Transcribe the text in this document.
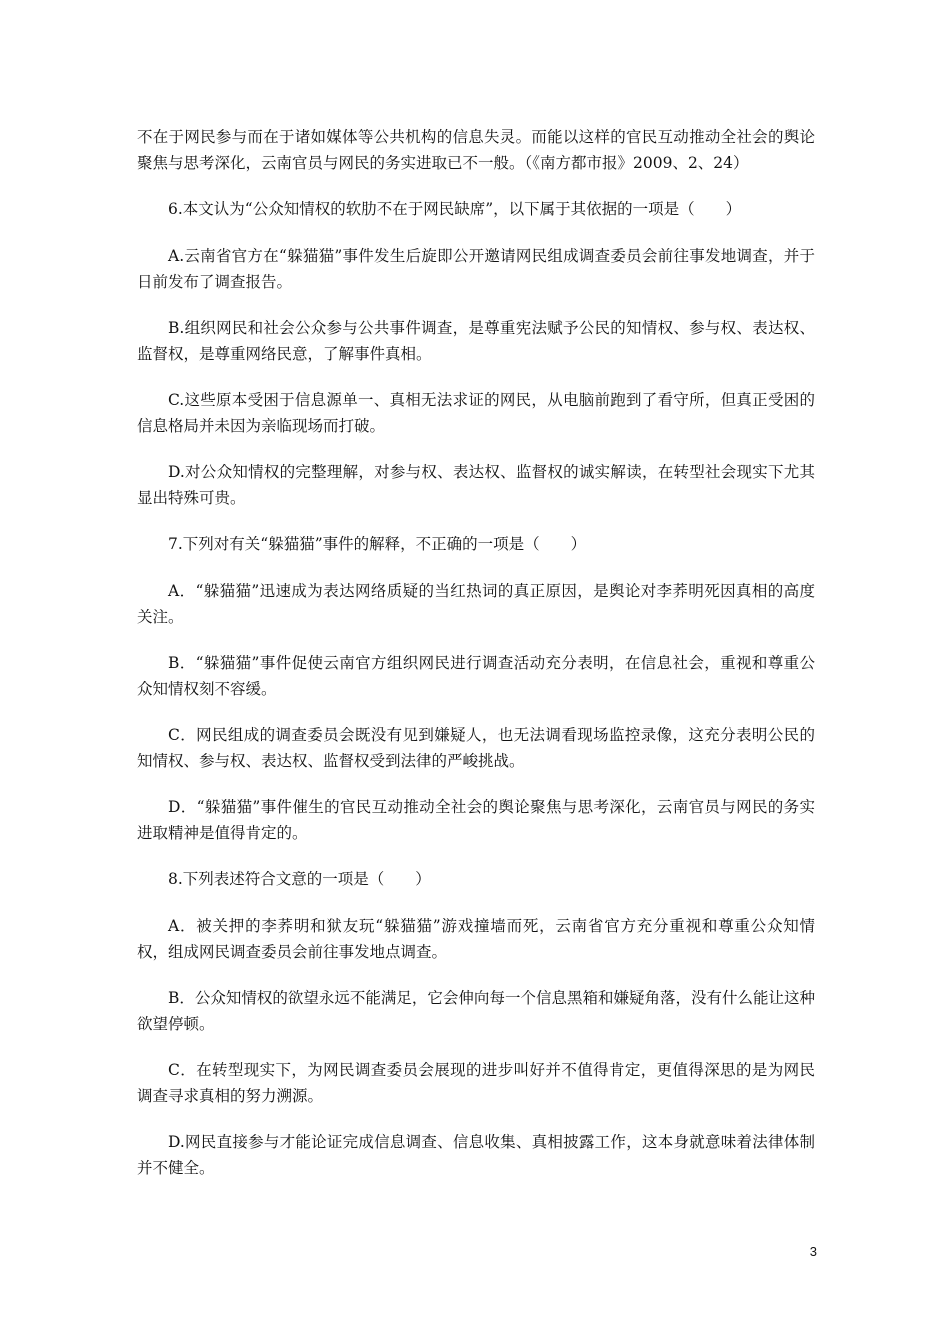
不在于网民参与而在于诸如媒体等公共机构的信息失灵。而能以这样的官民互动推动全社会的舆论聚焦与思考深化，云南官员与网民的务实进取已不一般。（《南方都市报》2009、2、24）

6.本文认为“公众知情权的软肋不在于网民缺席”，以下属于其依据的一项是（　　）

A.云南省官方在“躲猫猫”事件发生后旋即公开邀请网民组成调查委员会前往事发地调查，并于日前发布了调查报告。

B.组织网民和社会公众参与公共事件调查，是尊重宪法赋予公民的知情权、参与权、表达权、监督权，是尊重网络民意，了解事件真相。

C.这些原本受困于信息源单一、真相无法求证的网民，从电脑前跑到了看守所，但真正受困的信息格局并未因为亲临现场而打破。

D.对公众知情权的完整理解，对参与权、表达权、监督权的诚实解读，在转型社会现实下尤其显出特殊可贵。

7.下列对有关“躲猫猫”事件的解释，不正确的一项是（　　）

A．“躲猫猫”迅速成为表达网络质疑的当红热词的真正原因，是舆论对李荞明死因真相的高度关注。

B．“躲猫猫”事件促使云南官方组织网民进行调查活动充分表明，在信息社会，重视和尊重公众知情权刻不容缓。

C．网民组成的调查委员会既没有见到嫌疑人，也无法调看现场监控录像，这充分表明公民的知情权、参与权、表达权、监督权受到法律的严峻挑战。

D．“躲猫猫”事件催生的官民互动推动全社会的舆论聚焦与思考深化，云南官员与网民的务实进取精神是值得肯定的。

8.下列表述符合文意的一项是（　　）

A．被关押的李荞明和狱友玩“躲猫猫”游戏撞墙而死，云南省官方充分重视和尊重公众知情权，组成网民调查委员会前往事发地点调查。

B．公众知情权的欲望永远不能满足，它会伸向每一个信息黑箱和嫌疑角落，没有什么能让这种欲望停顿。

C．在转型现实下，为网民调查委员会展现的进步叫好并不值得肯定，更值得深思的是为网民调查寻求真相的努力溯源。

D.网民直接参与才能论证完成信息调查、信息收集、真相披露工作，这本身就意味着法律体制并不健全。

3
